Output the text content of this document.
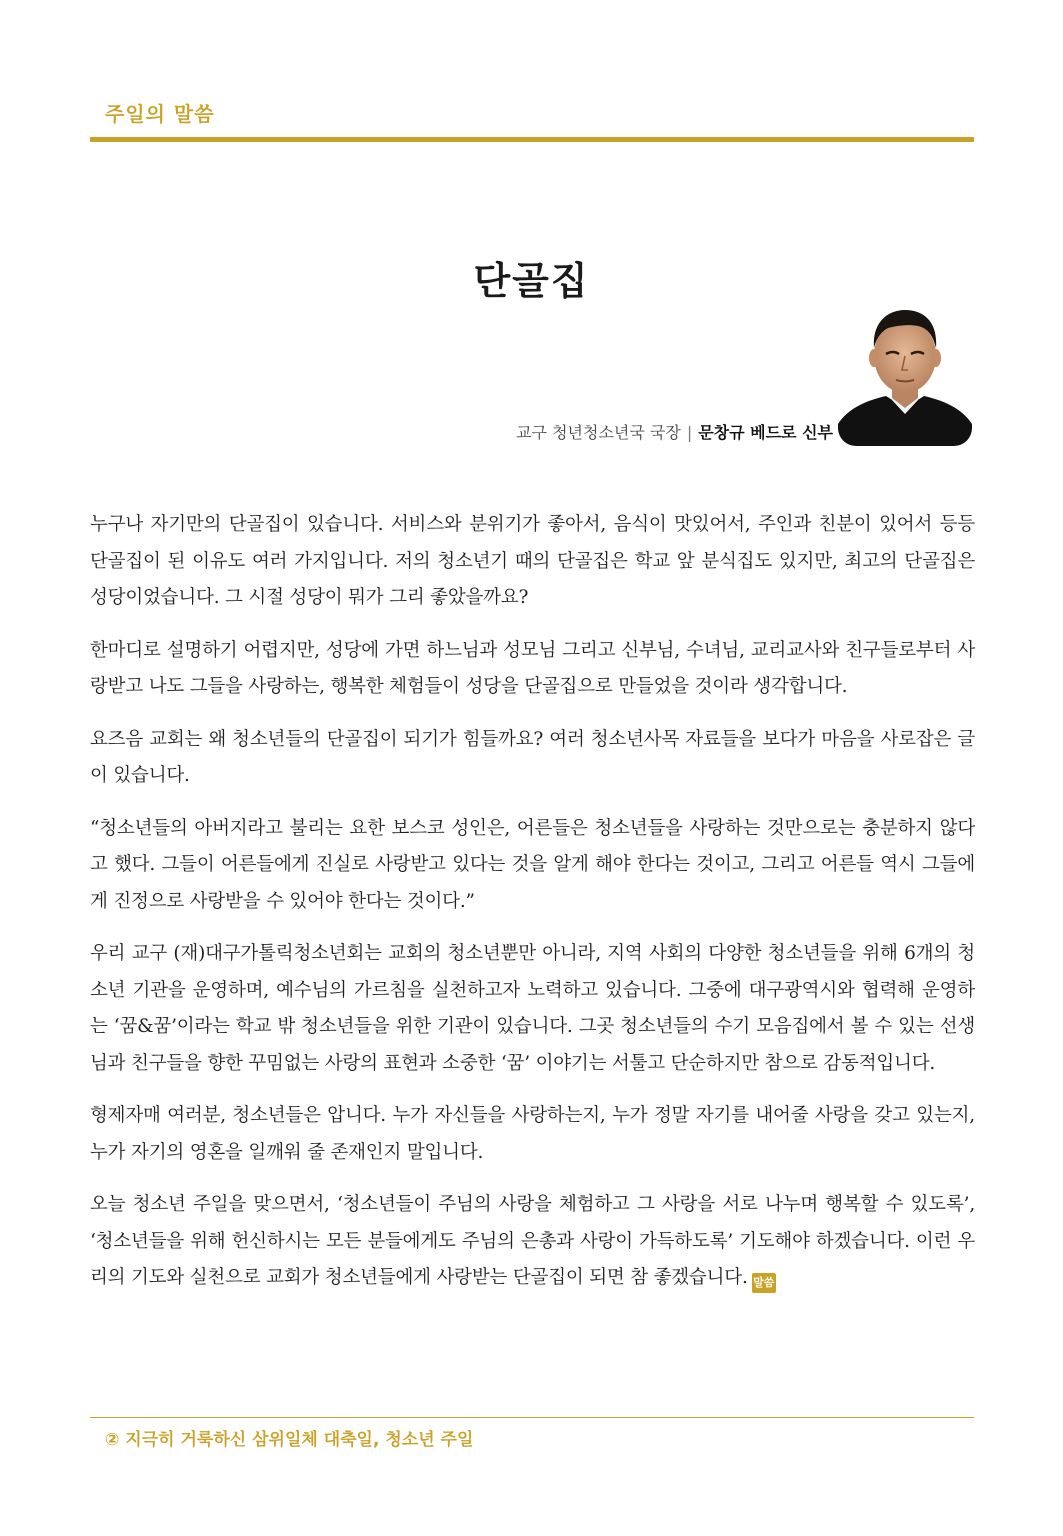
주일의 말씀
단골집
교구 청년청소년국 국장 | 문창규 베드로 신부

누구나 자기만의 단골집이 있습니다. 서비스와 분위기가 좋아서, 음식이 맛있어서, 주인과 친분이 있어서 등등 단골집이 된 이유도 여러 가지입니다. 저의 청소년기 때의 단골집은 학교 앞 분식집도 있지만, 최고의 단골집은 성당이었습니다. 그 시절 성당이 뭐가 그리 좋았을까요?

한마디로 설명하기 어렵지만, 성당에 가면 하느님과 성모님 그리고 신부님, 수녀님, 교리교사와 친구들로부터 사랑받고 나도 그들을 사랑하는, 행복한 체험들이 성당을 단골집으로 만들었을 것이라 생각합니다.

요즈음 교회는 왜 청소년들의 단골집이 되기가 힘들까요? 여러 청소년사목 자료들을 보다가 마음을 사로잡은 글이 있습니다.

“청소년들의 아버지라고 불리는 요한 보스코 성인은, 어른들은 청소년들을 사랑하는 것만으로는 충분하지 않다고 했다. 그들이 어른들에게 진실로 사랑받고 있다는 것을 알게 해야 한다는 것이고, 그리고 어른들 역시 그들에게 진정으로 사랑받을 수 있어야 한다는 것이다.”

우리 교구 (재)대구가톨릭청소년회는 교회의 청소년뿐만 아니라, 지역 사회의 다양한 청소년들을 위해 6개의 청소년 기관을 운영하며, 예수님의 가르침을 실천하고자 노력하고 있습니다. 그중에 대구광역시와 협력해 운영하는 ‘꿈&꿈’이라는 학교 밖 청소년들을 위한 기관이 있습니다. 그곳 청소년들의 수기 모음집에서 볼 수 있는 선생님과 친구들을 향한 꾸밈없는 사랑의 표현과 소중한 ‘꿈’ 이야기는 서툴고 단순하지만 참으로 감동적입니다.

형제자매 여러분, 청소년들은 압니다. 누가 자신들을 사랑하는지, 누가 정말 자기를 내어줄 사랑을 갖고 있는지, 누가 자기의 영혼을 일깨워 줄 존재인지 말입니다.

오늘 청소년 주일을 맞으면서, ‘청소년들이 주님의 사랑을 체험하고 그 사랑을 서로 나누며 행복할 수 있도록’, ‘청소년들을 위해 헌신하시는 모든 분들에게도 주님의 은총과 사랑이 가득하도록’ 기도해야 하겠습니다. 이런 우리의 기도와 실천으로 교회가 청소년들에게 사랑받는 단골집이 되면 참 좋겠습니다. 말씀

② 지극히 거룩하신 삼위일체 대축일, 청소년 주일
